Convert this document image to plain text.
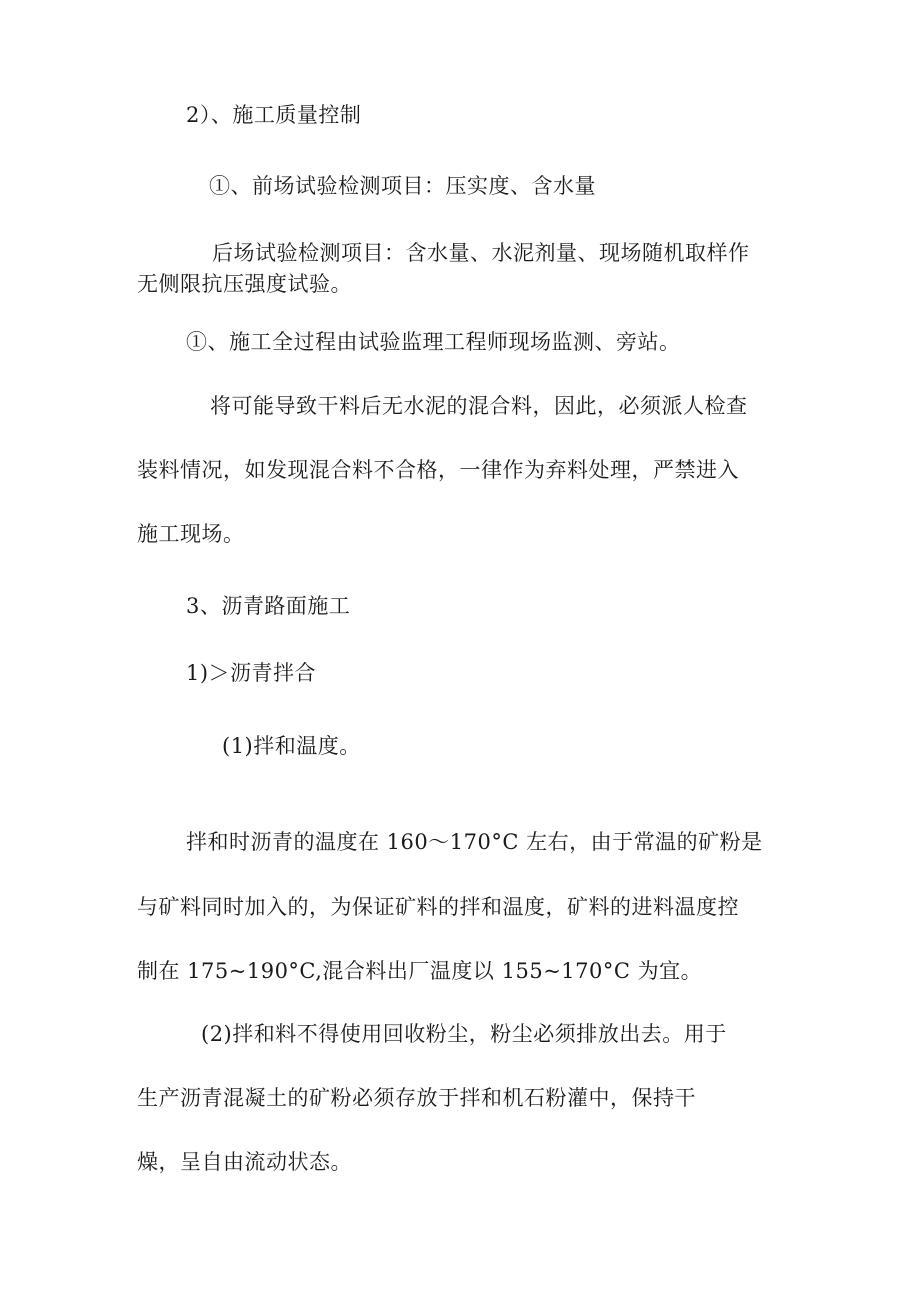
2）、施工质量控制
①、前场试验检测项目：压实度、含水量
后场试验检测项目：含水量、水泥剂量、现场随机取样作
无侧限抗压强度试验。
①、施工全过程由试验监理工程师现场监测、旁站。
将可能导致干料后无水泥的混合料，因此，必须派人检查
装料情况，如发现混合料不合格，一律作为弃料处理，严禁进入
施工现场。
3、沥青路面施工
1)＞沥青拌合
(1)拌和温度。
拌和时沥青的温度在 160～170°C 左右，由于常温的矿粉是
与矿料同时加入的，为保证矿料的拌和温度，矿料的进料温度控
制在 175~190°C,混合料出厂温度以 155~170°C 为宜。
(2)拌和料不得使用回收粉尘，粉尘必须排放出去。用于
生产沥青混凝土的矿粉必须存放于拌和机石粉灌中，保持干
燥，呈自由流动状态。
